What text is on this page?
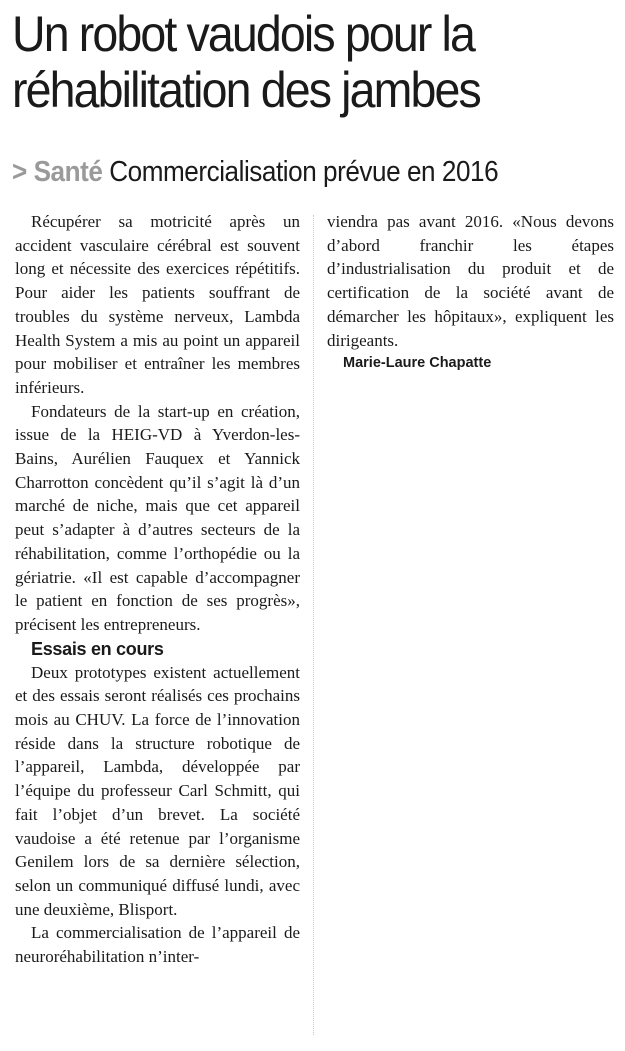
Un robot vaudois pour la
réhabilitation des jambes
> Santé Commercialisation prévue en 2016

Récupérer sa motricité après un accident vasculaire cérébral est souvent long et nécessite des exercices répétitifs. Pour aider les patients souffrant de troubles du système nerveux, Lambda Health System a mis au point un appareil pour mobiliser et entraîner les membres inférieurs.

Fondateurs de la start-up en création, issue de la HEIG-VD à Yverdon-les-Bains, Aurélien Fauquex et Yannick Charrotton concèdent qu’il s’agit là d’un marché de niche, mais que cet appareil peut s’adapter à d’autres secteurs de la réhabilitation, comme l’orthopédie ou la gériatrie. «Il est capable d’accompagner le patient en fonction de ses progrès», précisent les entrepreneurs.

Essais en cours

Deux prototypes existent actuellement et des essais seront réalisés ces prochains mois au CHUV. La force de l’innovation réside dans la structure robotique de l’appareil, Lambda, développée par l’équipe du professeur Carl Schmitt, qui fait l’objet d’un brevet. La société vaudoise a été retenue par l’organisme Genilem lors de sa dernière sélection, selon un communiqué diffusé lundi, avec une deuxième, Blisport.

La commercialisation de l’appareil de neuroréhabilitation n’inter-

viendra pas avant 2016. «Nous devons d’abord franchir les étapes d’industrialisation du produit et de certification de la société avant de démarcher les hôpitaux», expliquent les dirigeants.

Marie-Laure Chapatte
